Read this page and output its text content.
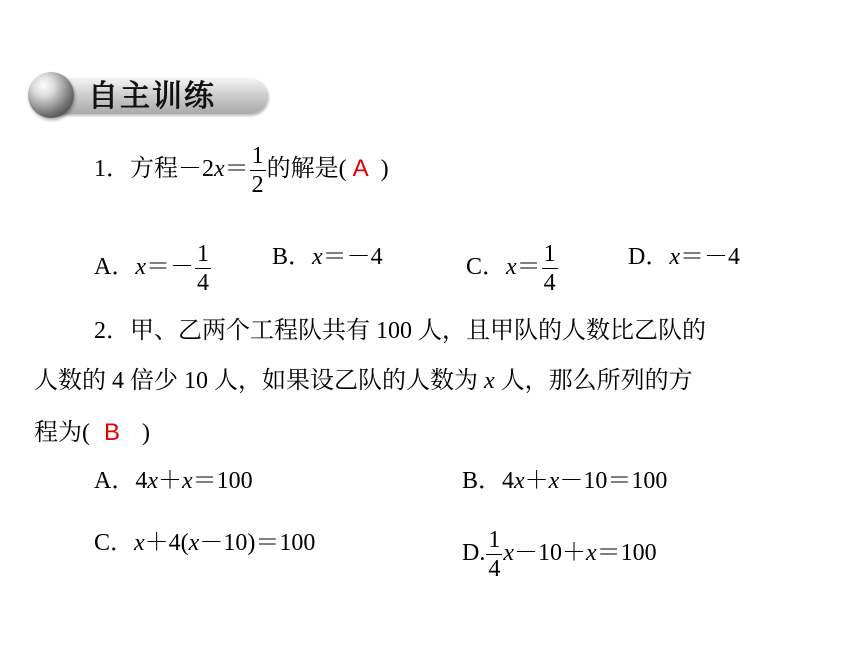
自主训练
1．方程$-2x= \frac{1}{2}$ 的解是( A )
A．$x=- \frac{1}{4}$	B．x＝－4	C．$x= \frac{1}{4}$	D．x＝－4
2．甲、乙两个工程队共有 100 人，且甲队的人数比乙队的
人数的 4 倍少 10 人，如果设乙队的人数为 x 人，那么所列的方
程为( B )
A．4x＋x＝100	B．4x＋x－10＝100
C．x＋4(x－10)＝100	D. $\frac{1}{4} x-10+x=100$
